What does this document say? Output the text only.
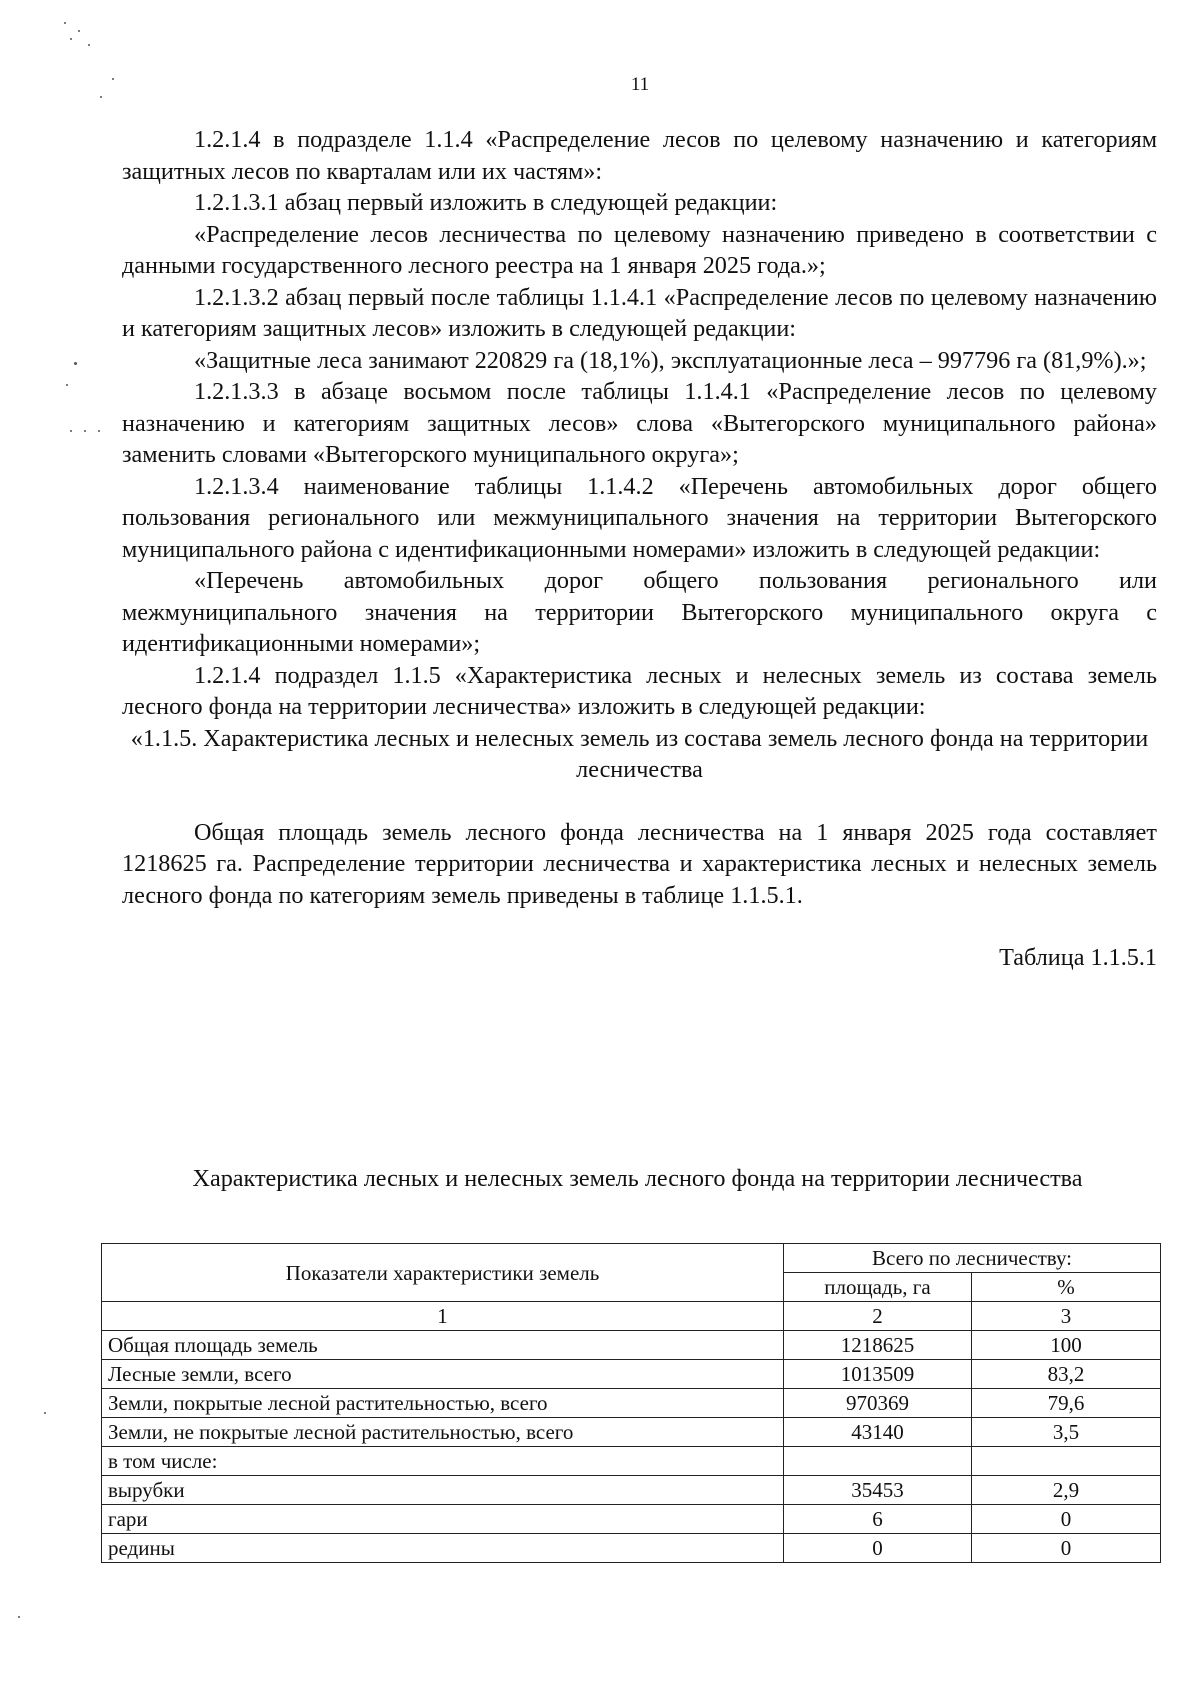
11

1.2.1.4 в подразделе 1.1.4 «Распределение лесов по целевому назначению и категориям защитных лесов по кварталам или их частям»:

1.2.1.3.1 абзац первый изложить в следующей редакции:

«Распределение лесов лесничества по целевому назначению приведено в соответствии с данными государственного лесного реестра на 1 января 2025 года.»;

1.2.1.3.2 абзац первый после таблицы 1.1.4.1 «Распределение лесов по целевому назначению и категориям защитных лесов» изложить в следующей редакции:

«Защитные леса занимают 220829 га (18,1%), эксплуатационные леса – 997796 га (81,9%).»;

1.2.1.3.3 в абзаце восьмом после таблицы 1.1.4.1 «Распределение лесов по целевому назначению и категориям защитных лесов» слова «Вытегорского муниципального района» заменить словами «Вытегорского муниципального округа»;

1.2.1.3.4 наименование таблицы 1.1.4.2 «Перечень автомобильных дорог общего пользования регионального или межмуниципального значения на территории Вытегорского муниципального района с идентификационными номерами» изложить в следующей редакции:

«Перечень автомобильных дорог общего пользования регионального или межмуниципального значения на территории Вытегорского муниципального округа с идентификационными номерами»;

1.2.1.4 подраздел 1.1.5 «Характеристика лесных и нелесных земель из состава земель лесного фонда на территории лесничества» изложить в следующей редакции:

«1.1.5. Характеристика лесных и нелесных земель из состава земель лесного фонда на территории лесничества

Общая площадь земель лесного фонда лесничества на 1 января 2025 года составляет 1218625 га. Распределение территории лесничества и характеристика лесных и нелесных земель лесного фонда по категориям земель приведены в таблице 1.1.5.1.

Таблица 1.1.5.1

Характеристика лесных и нелесных земель лесного фонда на территории лесничества
Показатели характеристики земель	Всего по лесничеству:	
	площадь, га	%
1	2	3
Общая площадь земель	1218625	100
Лесные земли, всего	1013509	83,2
Земли, покрытые лесной растительностью, всего	970369	79,6
Земли, не покрытые лесной растительностью, всего	43140	3,5
в том числе:		
вырубки	35453	2,9
гари	6	0
редины	0	0
